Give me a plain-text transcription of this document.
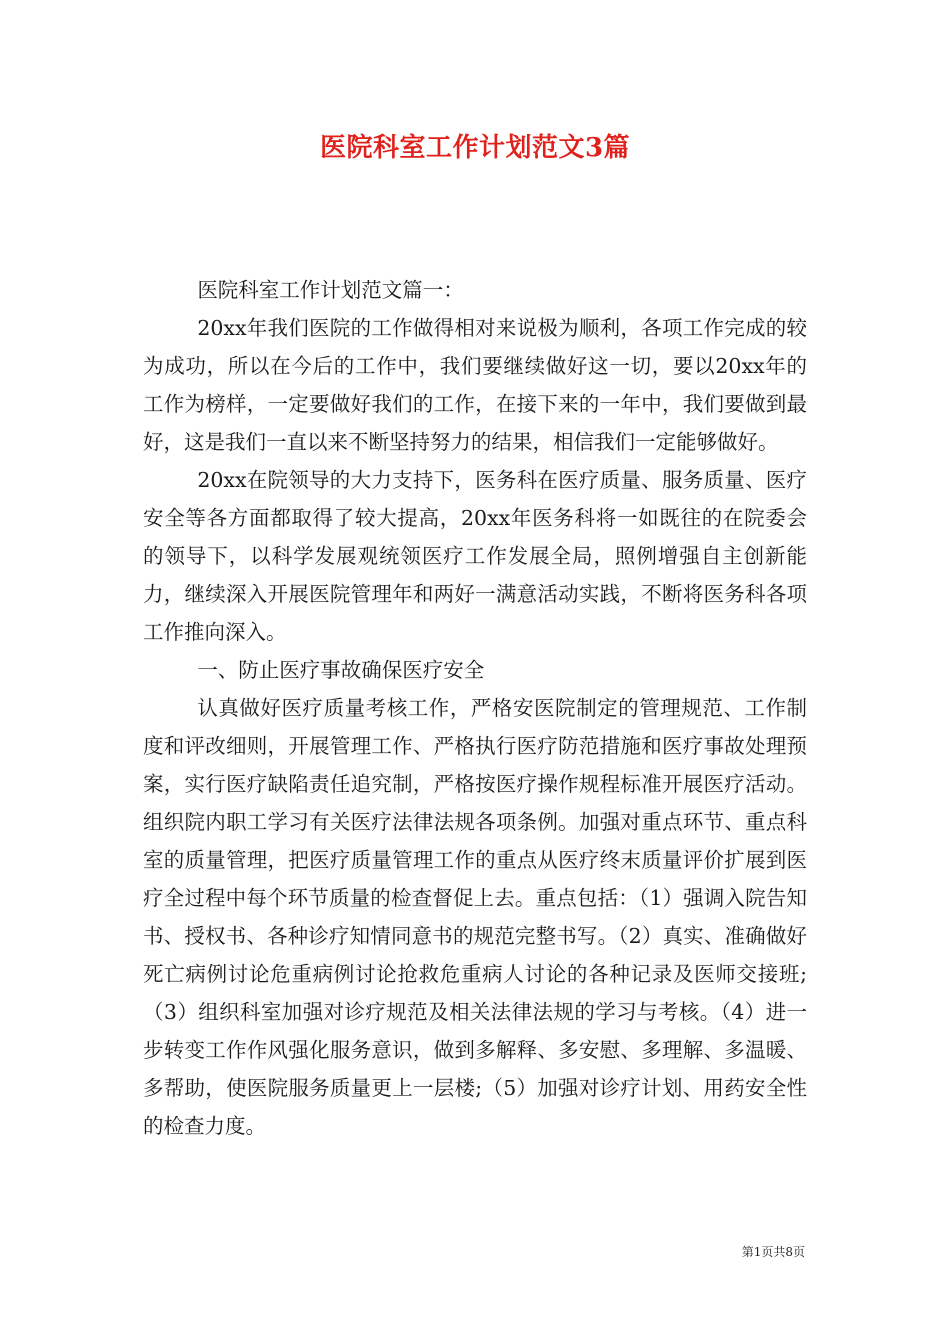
医院科室工作计划范文3篇

医院科室工作计划范文篇一：

20xx年我们医院的工作做得相对来说极为顺利，各项工作完成的较为成功，所以在今后的工作中，我们要继续做好这一切，要以20xx年的工作为榜样，一定要做好我们的工作，在接下来的一年中，我们要做到最好，这是我们一直以来不断坚持努力的结果，相信我们一定能够做好。

20xx在院领导的大力支持下，医务科在医疗质量、服务质量、医疗安全等各方面都取得了较大提高，20xx年医务科将一如既往的在院委会的领导下，以科学发展观统领医疗工作发展全局，照例增强自主创新能力，继续深入开展医院管理年和两好一满意活动实践，不断将医务科各项工作推向深入。

一、防止医疗事故确保医疗安全

认真做好医疗质量考核工作，严格安医院制定的管理规范、工作制度和评改细则，开展管理工作、严格执行医疗防范措施和医疗事故处理预案，实行医疗缺陷责任追究制，严格按医疗操作规程标准开展医疗活动。组织院内职工学习有关医疗法律法规各项条例。加强对重点环节、重点科室的质量管理，把医疗质量管理工作的重点从医疗终末质量评价扩展到医疗全过程中每个环节质量的检查督促上去。重点包括：（1）强调入院告知书、授权书、各种诊疗知情同意书的规范完整书写。（2）真实、准确做好死亡病例讨论危重病例讨论抢救危重病人讨论的各种记录及医师交接班;（3）组织科室加强对诊疗规范及相关法律法规的学习与考核。（4）进一步转变工作作风强化服务意识，做到多解释、多安慰、多理解、多温暖、多帮助，使医院服务质量更上一层楼;（5）加强对诊疗计划、用药安全性的检查力度。

第1页共8页
